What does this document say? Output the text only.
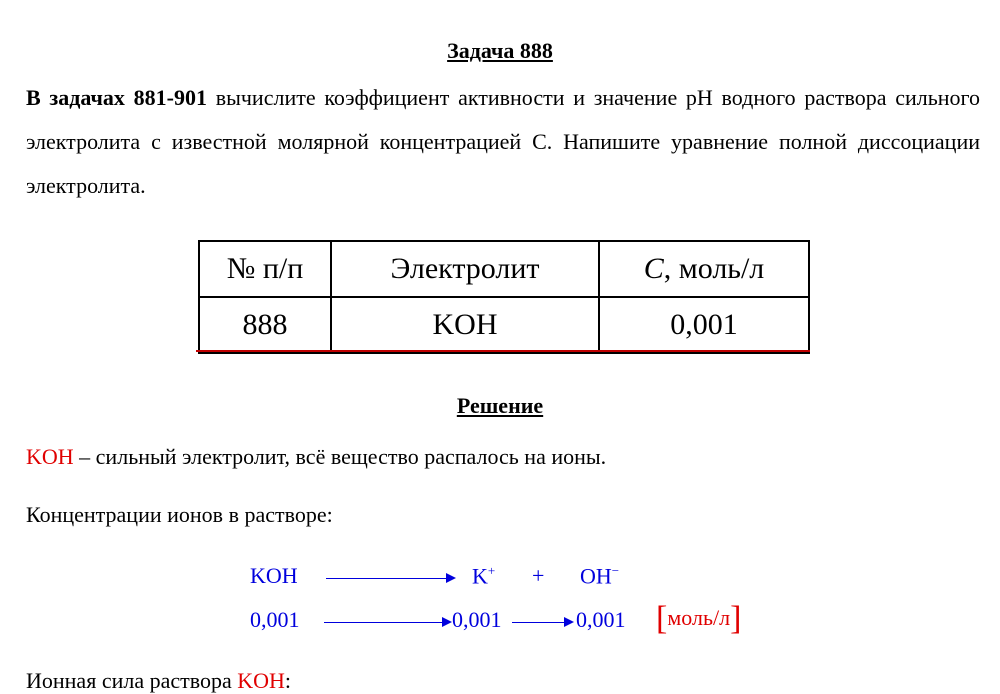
Задача 888
В задачах 881-901 вычислите коэффициент активности и значение pH водного раствора сильного электролита с известной молярной концентрацией C. Напишите уравнение полной диссоциации электролита.
№ п/п	Электролит	C, моль/л
888	KOH	0,001
Решение
KOH – сильный электролит, всё вещество распалось на ионы.
Концентрации ионов в растворе:
KOH	K+ + OH−
0,001	0,001	0,001 [моль/л]
Ионная сила раствора KOH:
